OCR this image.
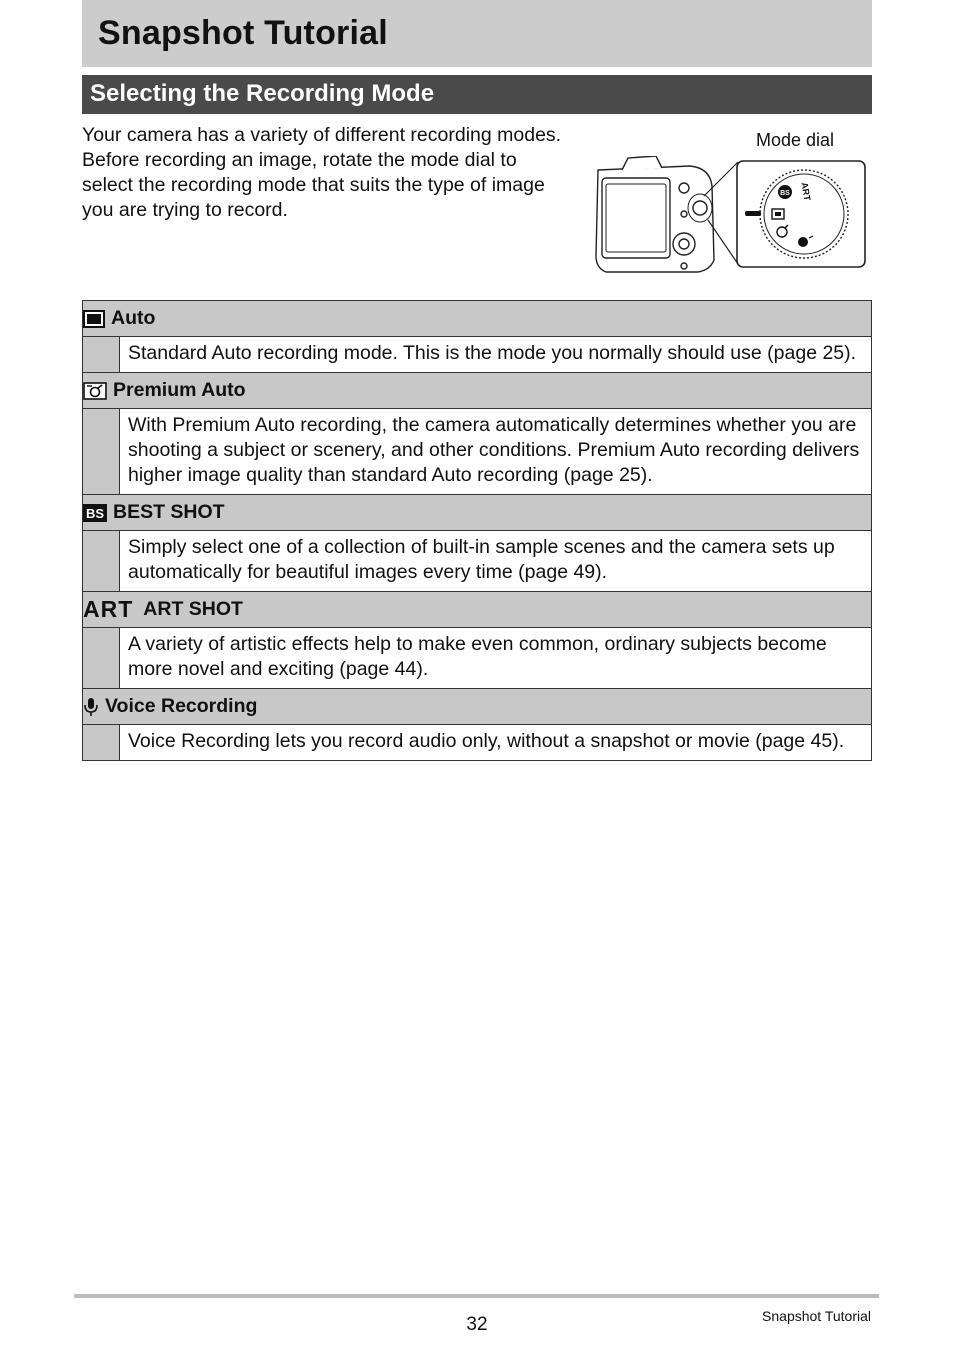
Snapshot Tutorial
Selecting the Recording Mode

Your camera has a variety of different recording modes. Before recording an image, rotate the mode dial to select the recording mode that suits the type of image you are trying to record.

Mode dial
BS ART
Auto	

	Standard Auto recording mode. This is the mode you normally should use (page 25).

Premium Auto	

	With Premium Auto recording, the camera automatically determines whether you are shooting a subject or scenery, and other conditions. Premium Auto recording delivers higher image quality than standard Auto recording (page 25).

BS BEST SHOT	

	Simply select one of a collection of built-in sample scenes and the camera sets up automatically for beautiful images every time (page 49).

ART ART SHOT	

	A variety of artistic effects help to make even common, ordinary subjects become more novel and exciting (page 44).

Voice Recording	

	Voice Recording lets you record audio only, without a snapshot or movie (page 45).
32	Snapshot Tutorial
